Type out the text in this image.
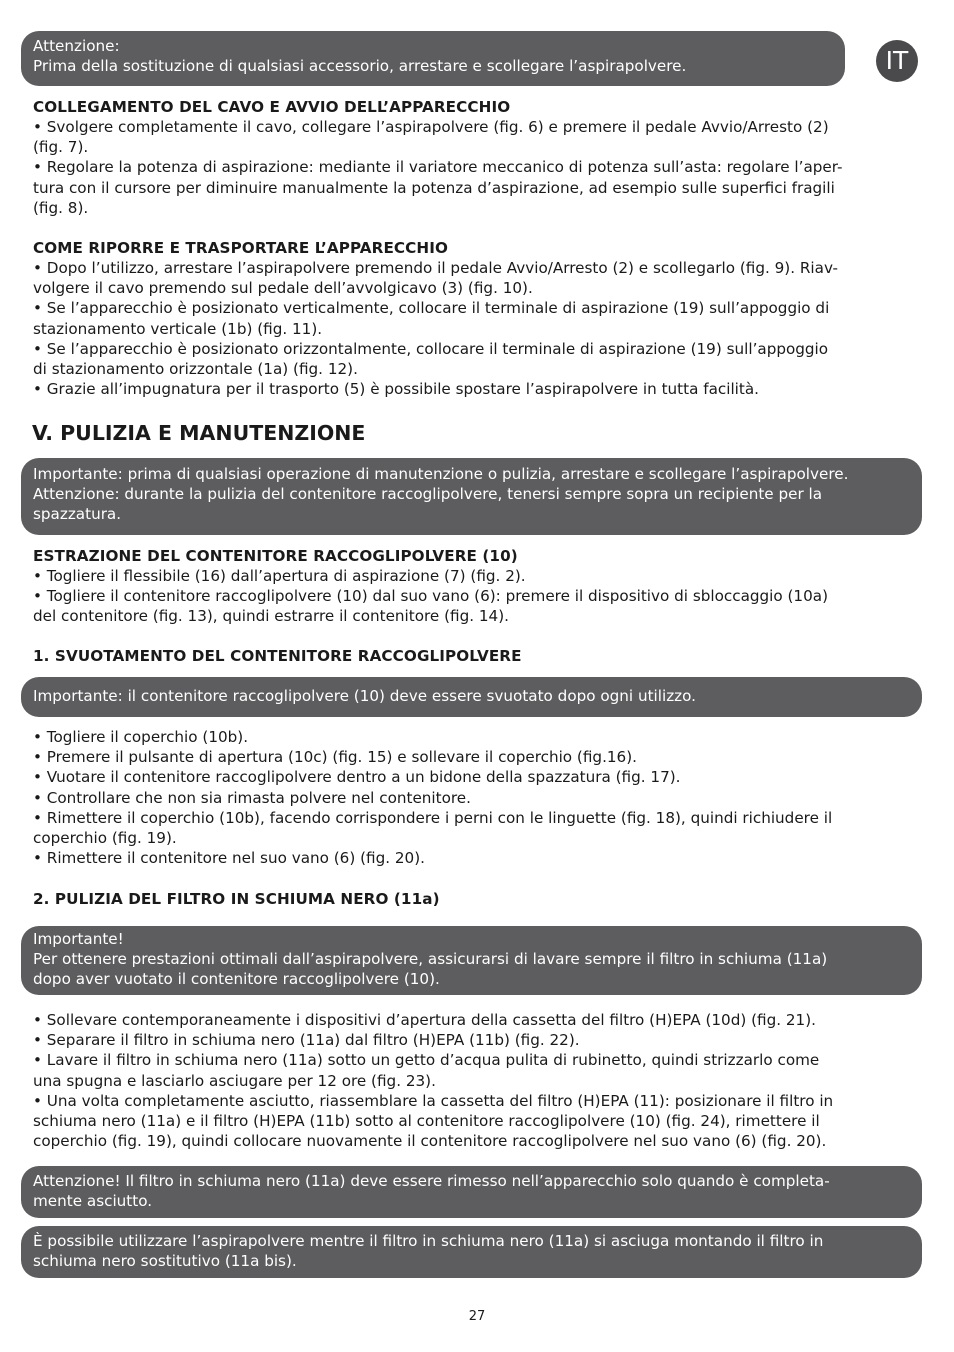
Attenzione:

Prima della sostituzione di qualsiasi accessorio, arrestare e scollegare l’aspirapolvere.	IT
COLLEGAMENTO DEL CAVO E AVVIO DELL’APPARECCHIO

• Svolgere completamente il cavo, collegare l’aspirapolvere (fig. 6) e premere il pedale Avvio/Arresto (2)

(fig. 7).

• Regolare la potenza di aspirazione: mediante il variatore meccanico di potenza sull’asta: regolare l’aper-

tura con il cursore per diminuire manualmente la potenza d’aspirazione, ad esempio sulle superfici fragili

(fig. 8).

COME RIPORRE E TRASPORTARE L’APPARECCHIO

• Dopo l’utilizzo, arrestare l’aspirapolvere premendo il pedale Avvio/Arresto (2) e scollegarlo (fig. 9). Riav-

volgere il cavo premendo sul pedale dell’avvolgicavo (3) (fig. 10).

• Se l’apparecchio è posizionato verticalmente, collocare il terminale di aspirazione (19) sull’appoggio di

stazionamento verticale (1b) (fig. 11).

• Se l’apparecchio è posizionato orizzontalmente, collocare il terminale di aspirazione (19) sull’appoggio

di stazionamento orizzontale (1a) (fig. 12).

• Grazie all’impugnatura per il trasporto (5) è possibile spostare l’aspirapolvere in tutta facilità.

V. PULIZIA E MANUTENZIONE

Importante: prima di qualsiasi operazione di manutenzione o pulizia, arrestare e scollegare l’aspirapolvere.

Attenzione: durante la pulizia del contenitore raccoglipolvere, tenersi sempre sopra un recipiente per la

spazzatura.

ESTRAZIONE DEL CONTENITORE RACCOGLIPOLVERE (10)

• Togliere il flessibile (16) dall’apertura di aspirazione (7) (fig. 2).

• Togliere il contenitore raccoglipolvere (10) dal suo vano (6): premere il dispositivo di sbloccaggio (10a)

del contenitore (fig. 13), quindi estrarre il contenitore (fig. 14).

1. SVUOTAMENTO DEL CONTENITORE RACCOGLIPOLVERE

Importante: il contenitore raccoglipolvere (10) deve essere svuotato dopo ogni utilizzo.

• Togliere il coperchio (10b).

• Premere il pulsante di apertura (10c) (fig. 15) e sollevare il coperchio (fig.16).

• Vuotare il contenitore raccoglipolvere dentro a un bidone della spazzatura (fig. 17).

• Controllare che non sia rimasta polvere nel contenitore.

• Rimettere il coperchio (10b), facendo corrispondere i perni con le linguette (fig. 18), quindi richiudere il

coperchio (fig. 19).

• Rimettere il contenitore nel suo vano (6) (fig. 20).

2. PULIZIA DEL FILTRO IN SCHIUMA NERO (11a)

Importante!

Per ottenere prestazioni ottimali dall’aspirapolvere, assicurarsi di lavare sempre il filtro in schiuma (11a)

dopo aver vuotato il contenitore raccoglipolvere (10).

• Sollevare contemporaneamente i dispositivi d’apertura della cassetta del filtro (H)EPA (10d) (fig. 21).

• Separare il filtro in schiuma nero (11a) dal filtro (H)EPA (11b) (fig. 22).

• Lavare il filtro in schiuma nero (11a) sotto un getto d’acqua pulita di rubinetto, quindi strizzarlo come

una spugna e lasciarlo asciugare per 12 ore (fig. 23).

• Una volta completamente asciutto, riassemblare la cassetta del filtro (H)EPA (11): posizionare il filtro in

schiuma nero (11a) e il filtro (H)EPA (11b) sotto al contenitore raccoglipolvere (10) (fig. 24), rimettere il

coperchio (fig. 19), quindi collocare nuovamente il contenitore raccoglipolvere nel suo vano (6) (fig. 20).

Attenzione! Il filtro in schiuma nero (11a) deve essere rimesso nell’apparecchio solo quando è completa-

mente asciutto.

È possibile utilizzare l’aspirapolvere mentre il filtro in schiuma nero (11a) si asciuga montando il filtro in

schiuma nero sostitutivo (11a bis).

27
